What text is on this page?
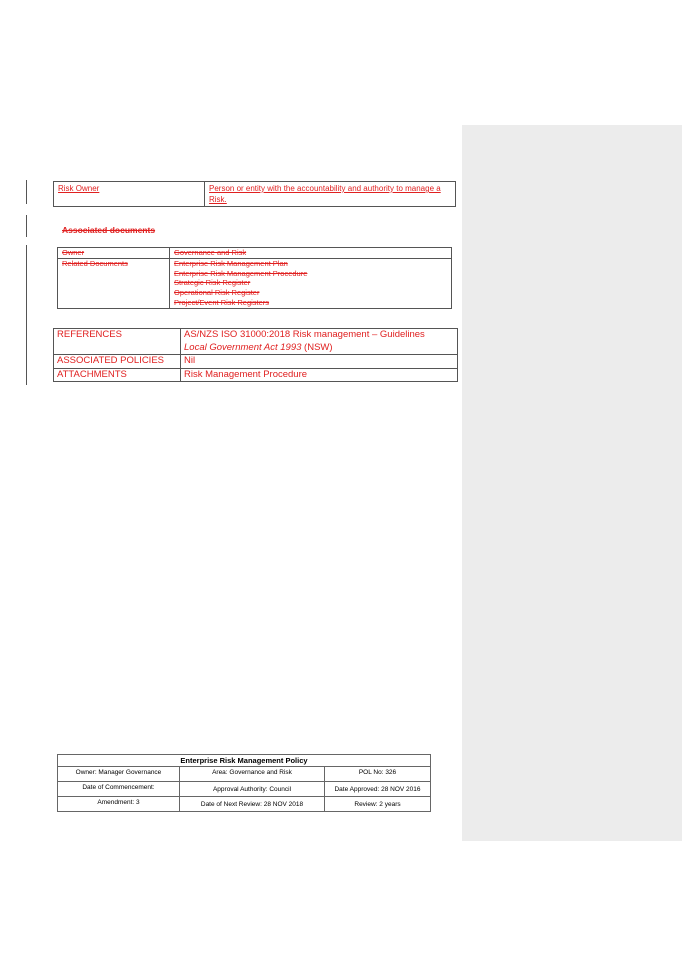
Risk Owner	Person or entity with the accountability and authority to manage a Risk.
Associated documents
Owner	Governance and Risk
Related Documents	Enterprise Risk Management Plan
Enterprise Risk Management Procedure
Strategic Risk Register
Operational Risk Register
Project/Event Risk Registers
REFERENCES	AS/NZS ISO 31000:2018 Risk management – Guidelines
Local Government Act 1993 (NSW)

ASSOCIATED POLICIES	Nil
ATTACHMENTS	Risk Management Procedure
Enterprise Risk Management Policy		
Owner: Manager Governance	Area: Governance and Risk	POL No: 326
Date of Commencement:	Approval Authority: Council	Date Approved: 28 NOV 2016
Amendment: 3	Date of Next Review: 28 NOV 2018	Review: 2 years
